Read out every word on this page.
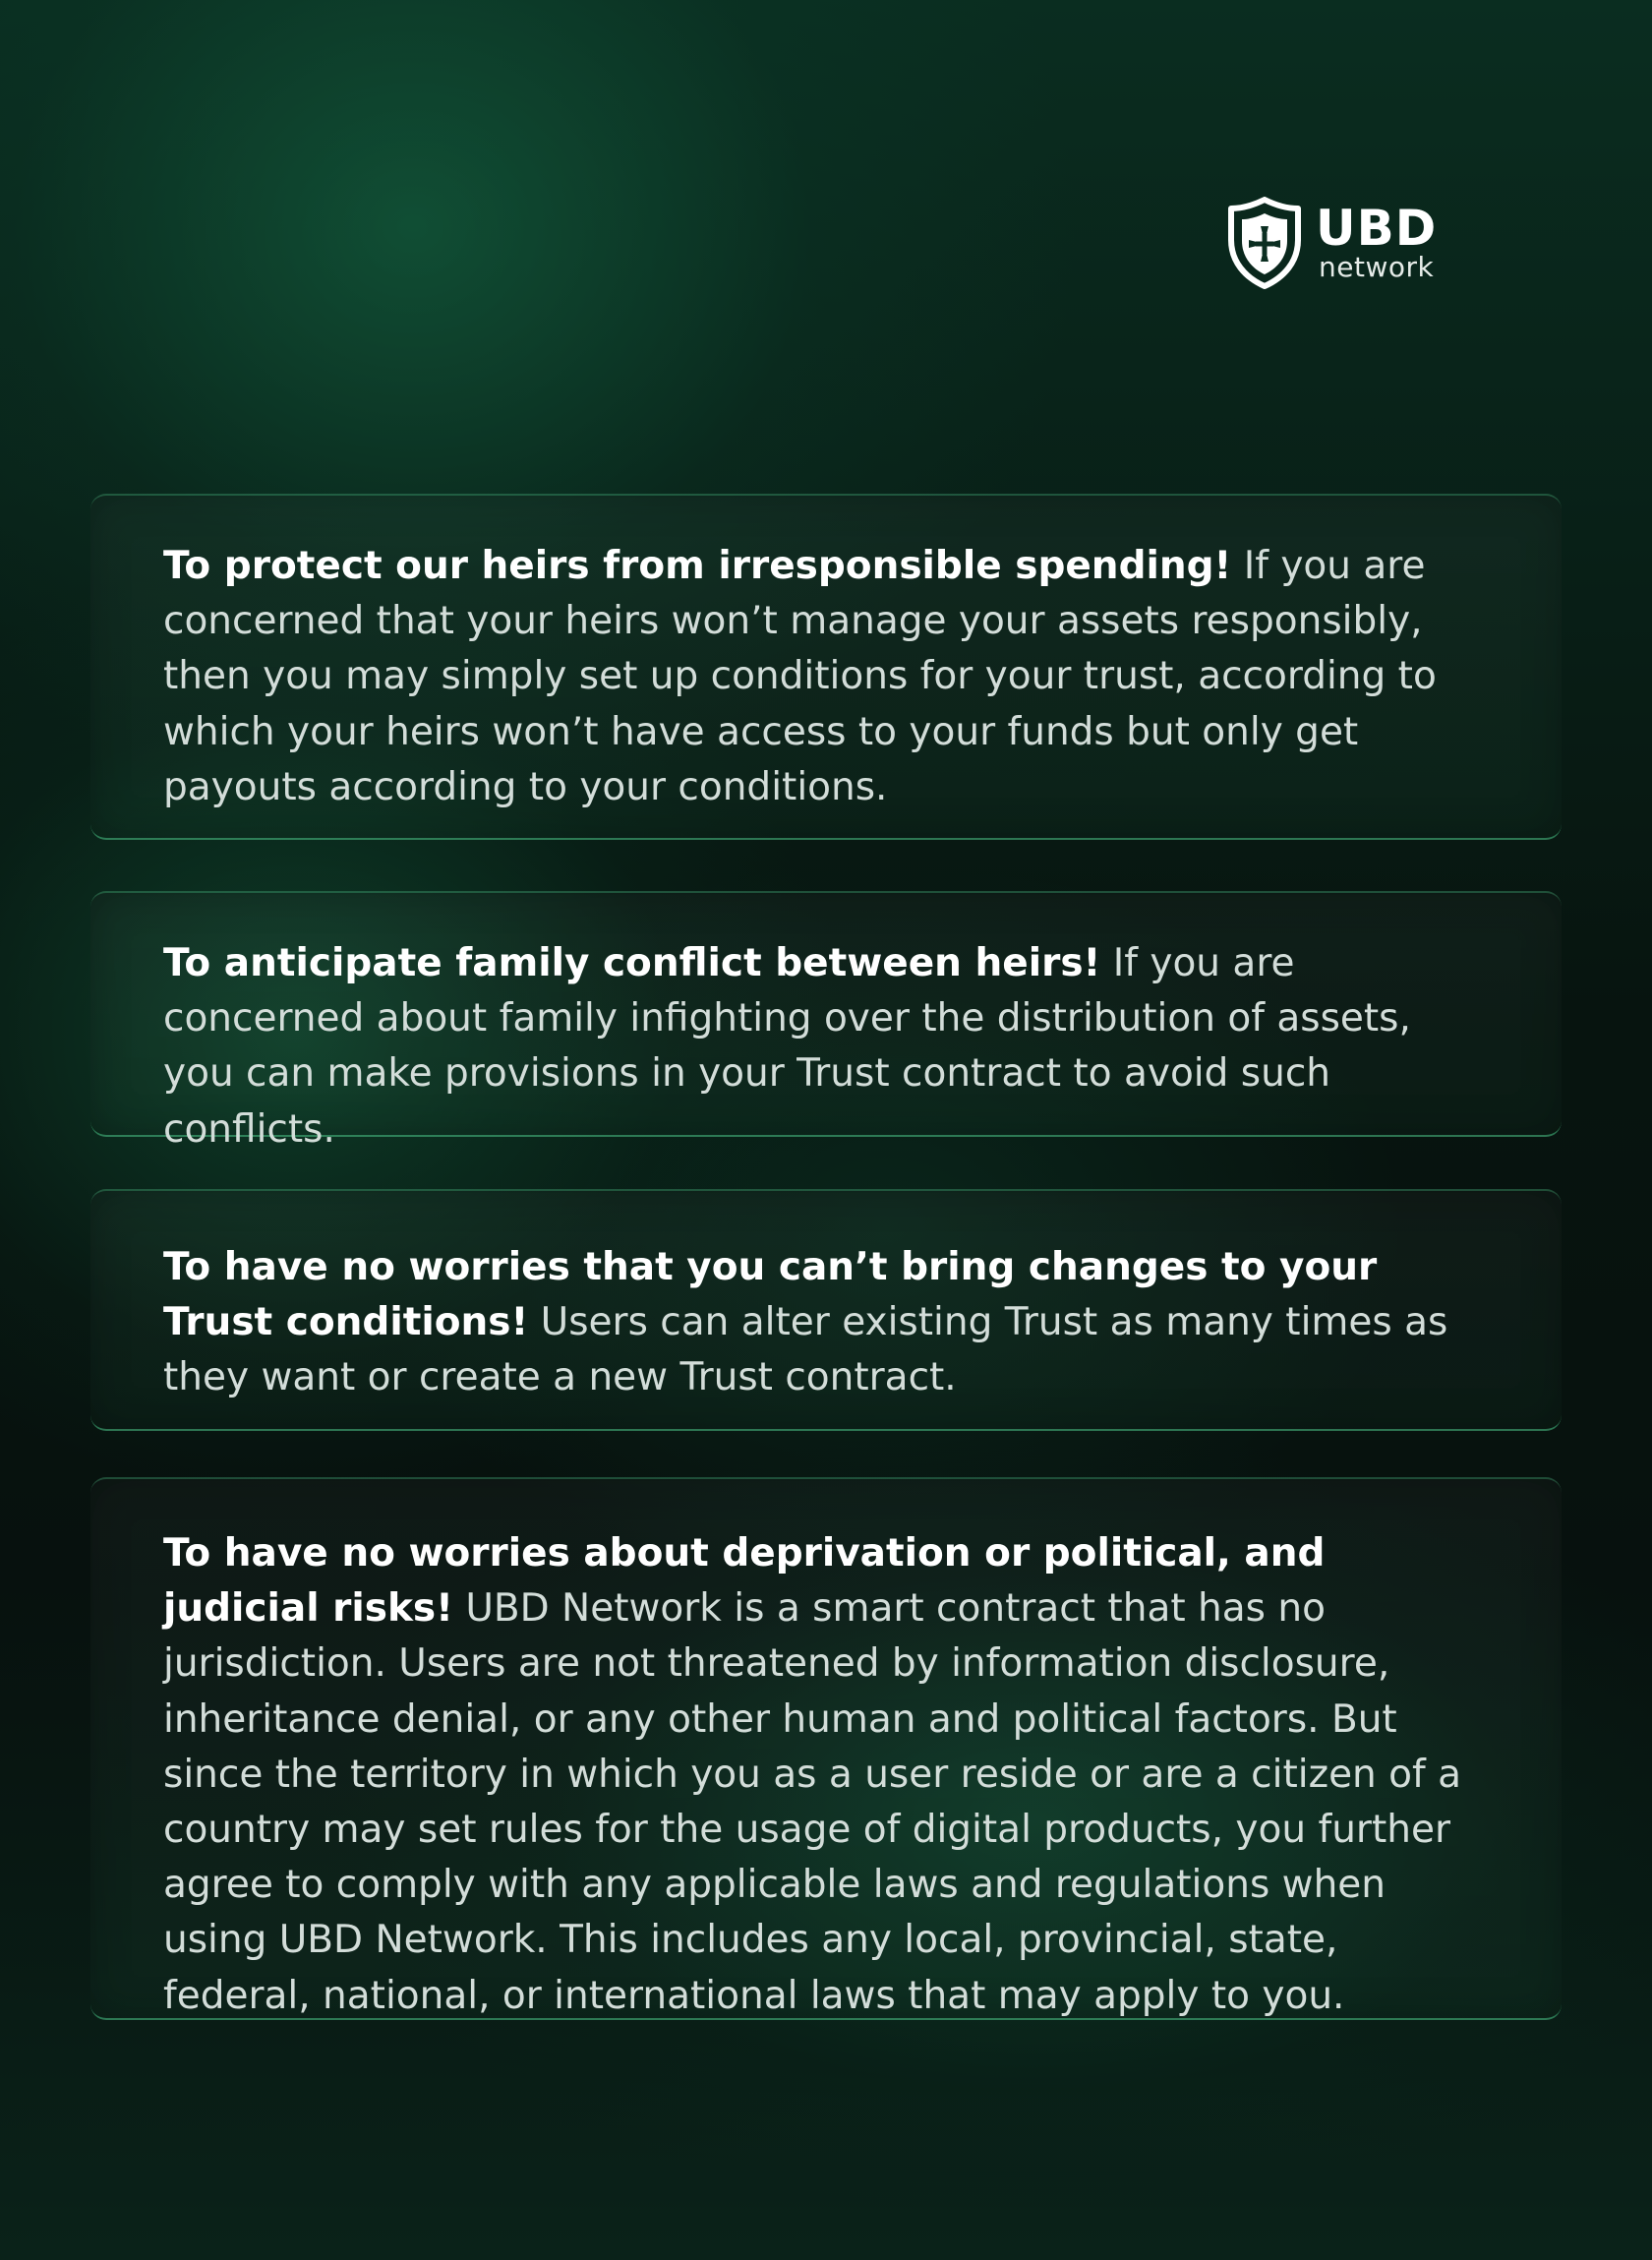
UBD
network

To protect our heirs from irresponsible spending! If you are concerned that your heirs won’t manage your assets responsibly, then you may simply set up conditions for your trust, according to which your heirs won’t have access to your funds but only get payouts according to your conditions.

To anticipate family conflict between heirs! If you are concerned about family infighting over the distribution of assets, you can make provisions in your Trust contract to avoid such conflicts.

To have no worries that you can’t bring changes to your Trust conditions! Users can alter existing Trust as many times as they want or create a new Trust contract.

To have no worries about deprivation or political, and judicial risks! UBD Network is a smart contract that has no jurisdiction. Users are not threatened by information disclosure, inheritance denial, or any other human and political factors. But since the territory in which you as a user reside or are a citizen of a country may set rules for the usage of digital products, you further agree to comply with any applicable laws and regulations when using UBD Network. This includes any local, provincial, state, federal, national, or international laws that may apply to you.
